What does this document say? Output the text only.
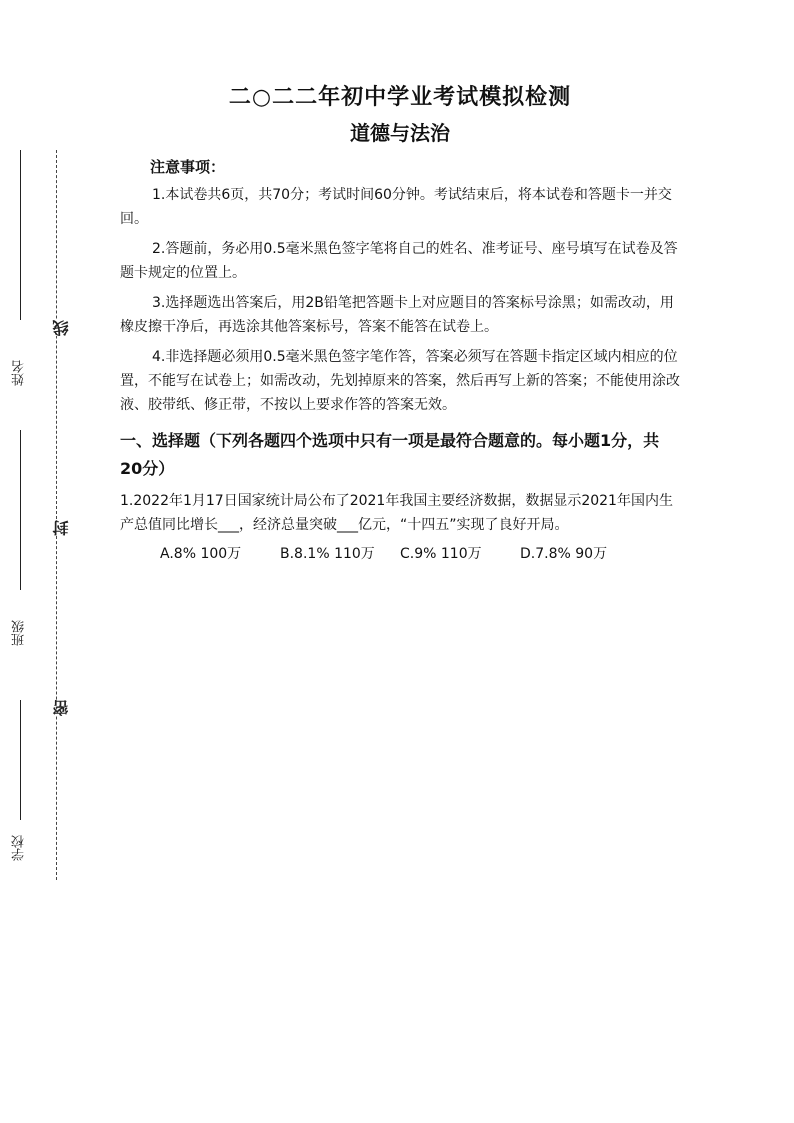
姓名
班级
学校
线
封
密
二○二二年初中学业考试模拟检测
道德与法治
注意事项：

1.本试卷共6页，共70分；考试时间60分钟。考试结束后，将本试卷和答题卡一并交回。

2.答题前，务必用0.5毫米黑色签字笔将自己的姓名、准考证号、座号填写在试卷及答题卡规定的位置上。

3.选择题选出答案后，用2B铅笔把答题卡上对应题目的答案标号涂黑；如需改动，用橡皮擦干净后，再选涂其他答案标号，答案不能答在试卷上。

4.非选择题必须用0.5毫米黑色签字笔作答，答案必须写在答题卡指定区域内相应的位置，不能写在试卷上；如需改动，先划掉原来的答案，然后再写上新的答案；不能使用涂改液、胶带纸、修正带，不按以上要求作答的答案无效。

一、选择题（下列各题四个选项中只有一项是最符合题意的。每小题1分，共20分）

1.2022年1月17日国家统计局公布了2021年我国主要经济数据，数据显示2021年国内生产总值同比增长___，经济总量突破___亿元，“十四五”实现了良好开局。

A.8% 100万	B.8.1% 110万	C.9% 110万	D.7.8% 90万
